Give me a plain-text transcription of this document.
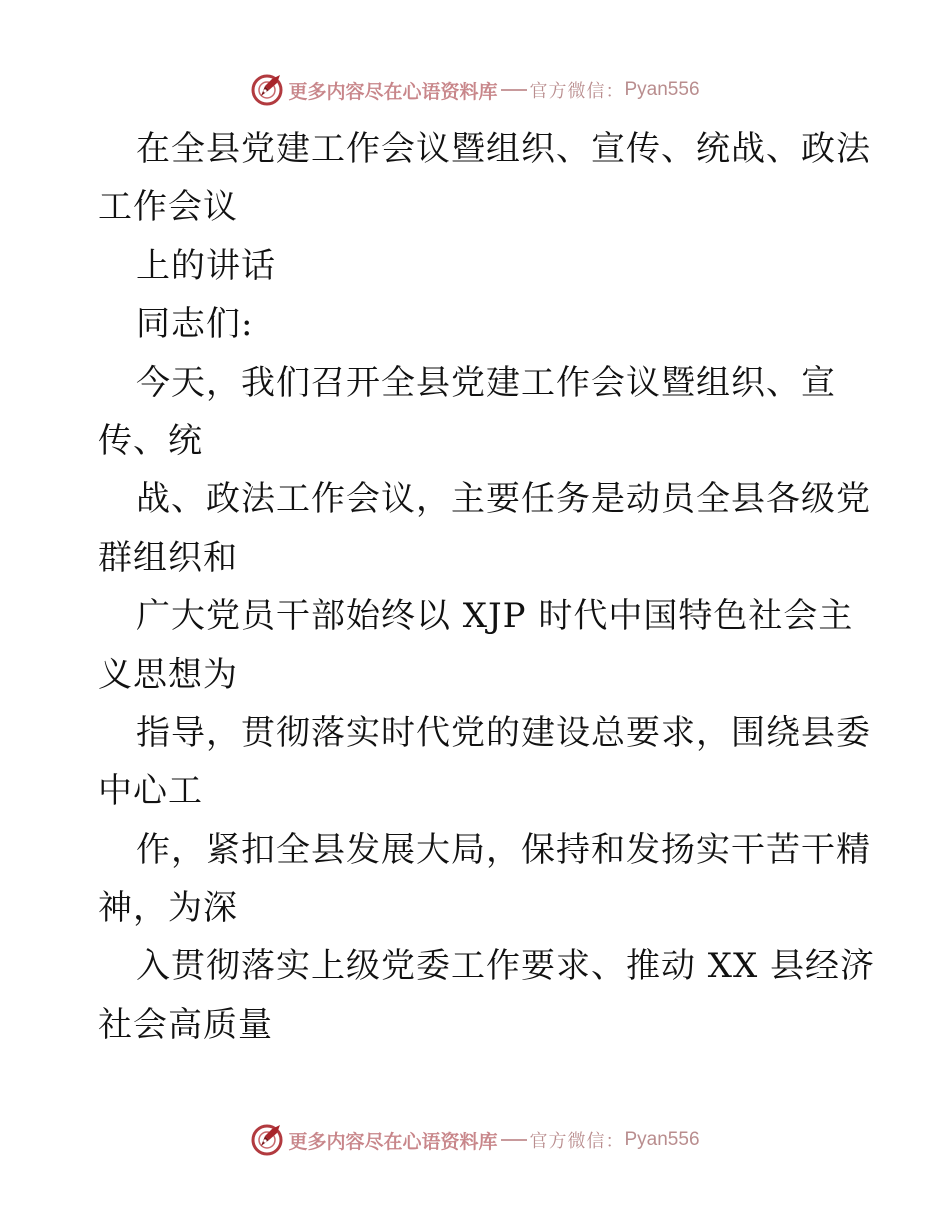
更多内容尽在心语资料库 官方微信： Pyan556
在全县党建工作会议暨组织、宣传、统战、政法
工作会议
上的讲话
同志们:
今天，我们召开全县党建工作会议暨组织、宣
传、统
战、政法工作会议，主要任务是动员全县各级党
群组织和
广大党员干部始终以 XJP 时代中国特色社会主
义思想为
指导，贯彻落实时代党的建设总要求，围绕县委
中心工
作，紧扣全县发展大局，保持和发扬实干苦干精
神，为深
入贯彻落实上级党委工作要求、推动 XX 县经济
社会高质量
更多内容尽在心语资料库 官方微信： Pyan556
